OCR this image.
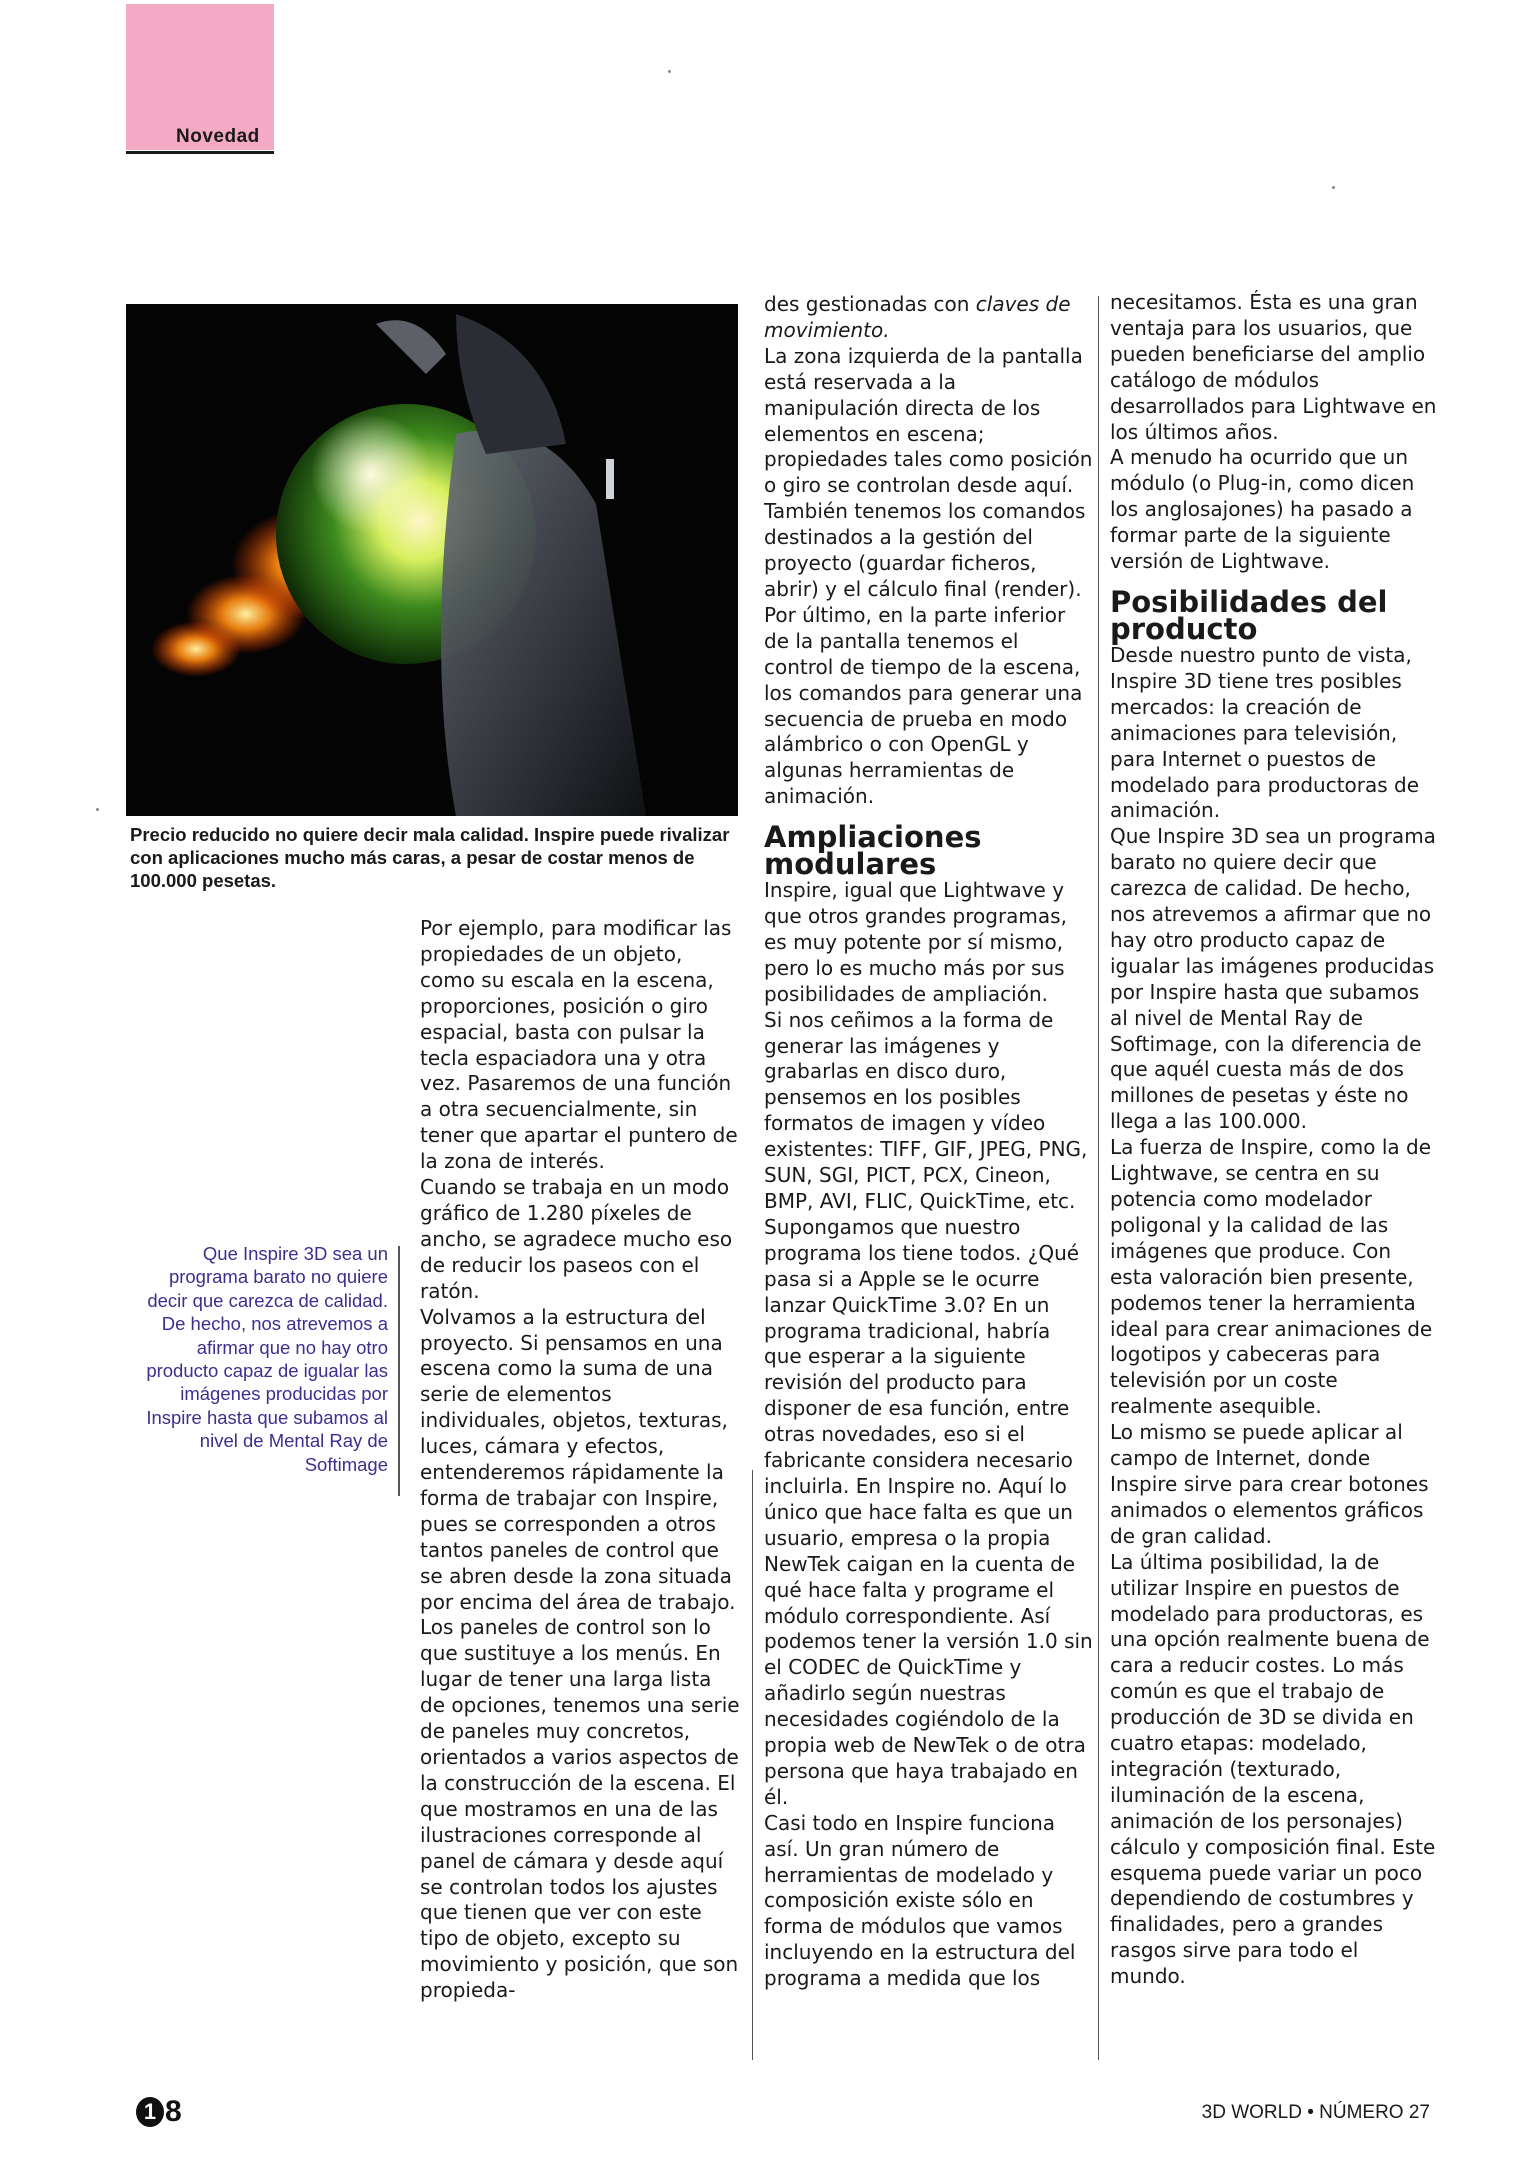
Novedad
Precio reducido no quiere decir mala calidad. Inspire puede rivalizar con aplicaciones mucho más caras, a pesar de costar menos de 100.000 pesetas.
Que Inspire 3D sea un programa barato no quiere decir que carezca de calidad. De hecho, nos atrevemos a afirmar que no hay otro producto capaz de igualar las imágenes producidas por Inspire hasta que subamos al nivel de Mental Ray de Softimage

Por ejemplo, para modificar las propiedades de un objeto, como su escala en la escena, proporciones, posición o giro espacial, basta con pulsar la tecla espaciadora una y otra vez. Pasaremos de una función a otra secuencialmente, sin tener que apartar el puntero de la zona de interés.

Cuando se trabaja en un modo gráfico de 1.280 píxeles de ancho, se agradece mucho eso de reducir los paseos con el ratón.

Volvamos a la estructura del proyecto. Si pensamos en una escena como la suma de una serie de elementos individuales, objetos, texturas, luces, cámara y efectos, entenderemos rápidamente la forma de trabajar con Inspire, pues se corresponden a otros tantos paneles de control que se abren desde la zona situada por encima del área de trabajo.

Los paneles de control son lo que sustituye a los menús. En lugar de tener una larga lista de opciones, tenemos una serie de paneles muy concretos, orientados a varios aspectos de la construcción de la escena. El que mostramos en una de las ilustraciones corresponde al panel de cámara y desde aquí se controlan todos los ajustes que tienen que ver con este tipo de objeto, excepto su movimiento y posición, que son propieda-

des gestionadas con claves de movimiento.

La zona izquierda de la pantalla está reservada a la manipulación directa de los elementos en escena; propiedades tales como posición o giro se controlan desde aquí.

También tenemos los comandos destinados a la gestión del proyecto (guardar ficheros, abrir) y el cálculo final (render).

Por último, en la parte inferior de la pantalla tenemos el control de tiempo de la escena, los comandos para generar una secuencia de prueba en modo alámbrico o con OpenGL y algunas herramientas de animación.

Ampliaciones modulares

Inspire, igual que Lightwave y que otros grandes programas, es muy potente por sí mismo, pero lo es mucho más por sus posibilidades de ampliación.

Si nos ceñimos a la forma de generar las imágenes y grabarlas en disco duro, pensemos en los posibles formatos de imagen y vídeo existentes: TIFF, GIF, JPEG, PNG, SUN, SGI, PICT, PCX, Cineon, BMP, AVI, FLIC, QuickTime, etc.

Supongamos que nuestro programa los tiene todos. ¿Qué pasa si a Apple se le ocurre lanzar QuickTime 3.0? En un programa tradicional, habría que esperar a la siguiente revisión del producto para disponer de esa función, entre otras novedades, eso si el fabricante considera necesario incluirla. En Inspire no. Aquí lo único que hace falta es que un usuario, empresa o la propia NewTek caigan en la cuenta de qué hace falta y programe el módulo correspondiente. Así podemos tener la versión 1.0 sin el CODEC de QuickTime y añadirlo según nuestras necesidades cogiéndolo de la propia web de NewTek o de otra persona que haya trabajado en él.

Casi todo en Inspire funciona así. Un gran número de herramientas de modelado y composición existe sólo en forma de módulos que vamos incluyendo en la estructura del programa a medida que los

necesitamos. Ésta es una gran ventaja para los usuarios, que pueden beneficiarse del amplio catálogo de módulos desarrollados para Lightwave en los últimos años.

A menudo ha ocurrido que un módulo (o Plug-in, como dicen los anglosajones) ha pasado a formar parte de la siguiente versión de Lightwave.

Posibilidades del producto

Desde nuestro punto de vista, Inspire 3D tiene tres posibles mercados: la creación de animaciones para televisión, para Internet o puestos de modelado para productoras de animación.

Que Inspire 3D sea un programa barato no quiere decir que carezca de calidad. De hecho, nos atrevemos a afirmar que no hay otro producto capaz de igualar las imágenes producidas por Inspire hasta que subamos al nivel de Mental Ray de Softimage, con la diferencia de que aquél cuesta más de dos millones de pesetas y éste no llega a las 100.000.

La fuerza de Inspire, como la de Lightwave, se centra en su potencia como modelador poligonal y la calidad de las imágenes que produce. Con esta valoración bien presente, podemos tener la herramienta ideal para crear animaciones de logotipos y cabeceras para televisión por un coste realmente asequible.

Lo mismo se puede aplicar al campo de Internet, donde Inspire sirve para crear botones animados o elementos gráficos de gran calidad.

La última posibilidad, la de utilizar Inspire en puestos de modelado para productoras, es una opción realmente buena de cara a reducir costes. Lo más común es que el trabajo de producción de 3D se divida en cuatro etapas: modelado, integración (texturado, iluminación de la escena, animación de los personajes) cálculo y composición final. Este esquema puede variar un poco dependiendo de costumbres y finalidades, pero a grandes rasgos sirve para todo el mundo.

1 8	3D WORLD • NÚMERO 27
